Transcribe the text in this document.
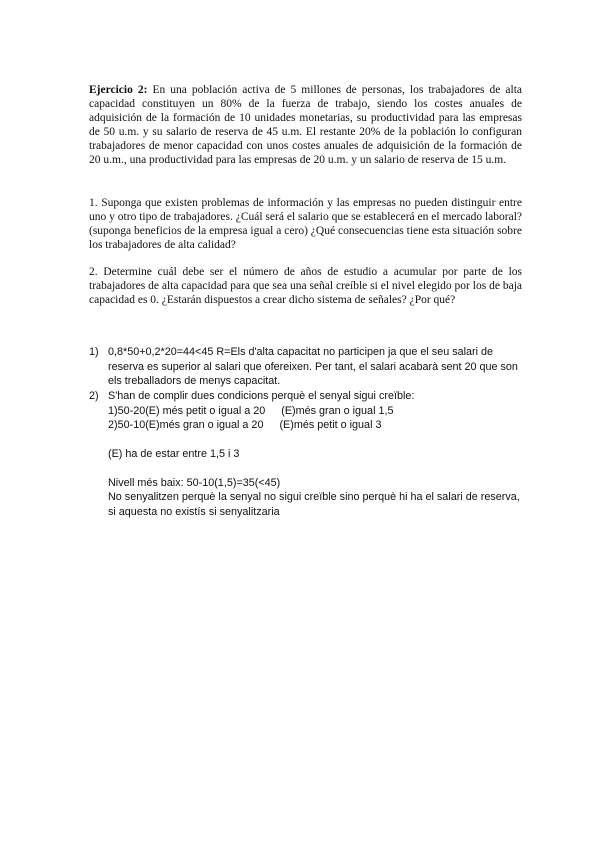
Ejercicio 2: En una población activa de 5 millones de personas, los trabajadores de alta capacidad constituyen un 80% de la fuerza de trabajo, siendo los costes anuales de adquisición de la formación de 10 unidades monetarias, su productividad para las empresas de 50 u.m. y su salario de reserva de 45 u.m. El restante 20% de la población lo configuran trabajadores de menor capacidad con unos costes anuales de adquisición de la formación de 20 u.m., una productividad para las empresas de 20 u.m. y un salario de reserva de 15 u.m.

1. Suponga que existen problemas de información y las empresas no pueden distinguir entre uno y otro tipo de trabajadores. ¿Cuál será el salario que se establecerá en el mercado laboral? (suponga beneficios de la empresa igual a cero) ¿Qué consecuencias tiene esta situación sobre los trabajadores de alta calidad?

2. Determine cuál debe ser el número de años de estudio a acumular por parte de los trabajadores de alta capacidad para que sea una señal creíble si el nivel elegido por los de baja capacidad es 0. ¿Estarán dispuestos a crear dicho sistema de señales? ¿Por qué?

1) 0,8*50+0,2*20=44<45 R=Els d'alta capacitat no participen ja que el seu salari de reserva es superior al salari que ofereixen. Per tant, el salari acabarà sent 20 que son els treballadors de menys capacitat.
2) S'han de complir dues condicions perquè el senyal sigui creïble:
1)50-20(E) més petit o igual a 20 (E)més gran o igual 1,5
2)50-10(E)més gran o igual a 20 (E)més petit o igual 3
(E) ha de estar entre 1,5 i 3
Nivell més baix: 50-10(1,5)=35(<45)
No senyalitzen perquè la senyal no sigui creïble sino perquè hi ha el salari de reserva, si aquesta no existís si senyalitzaria
